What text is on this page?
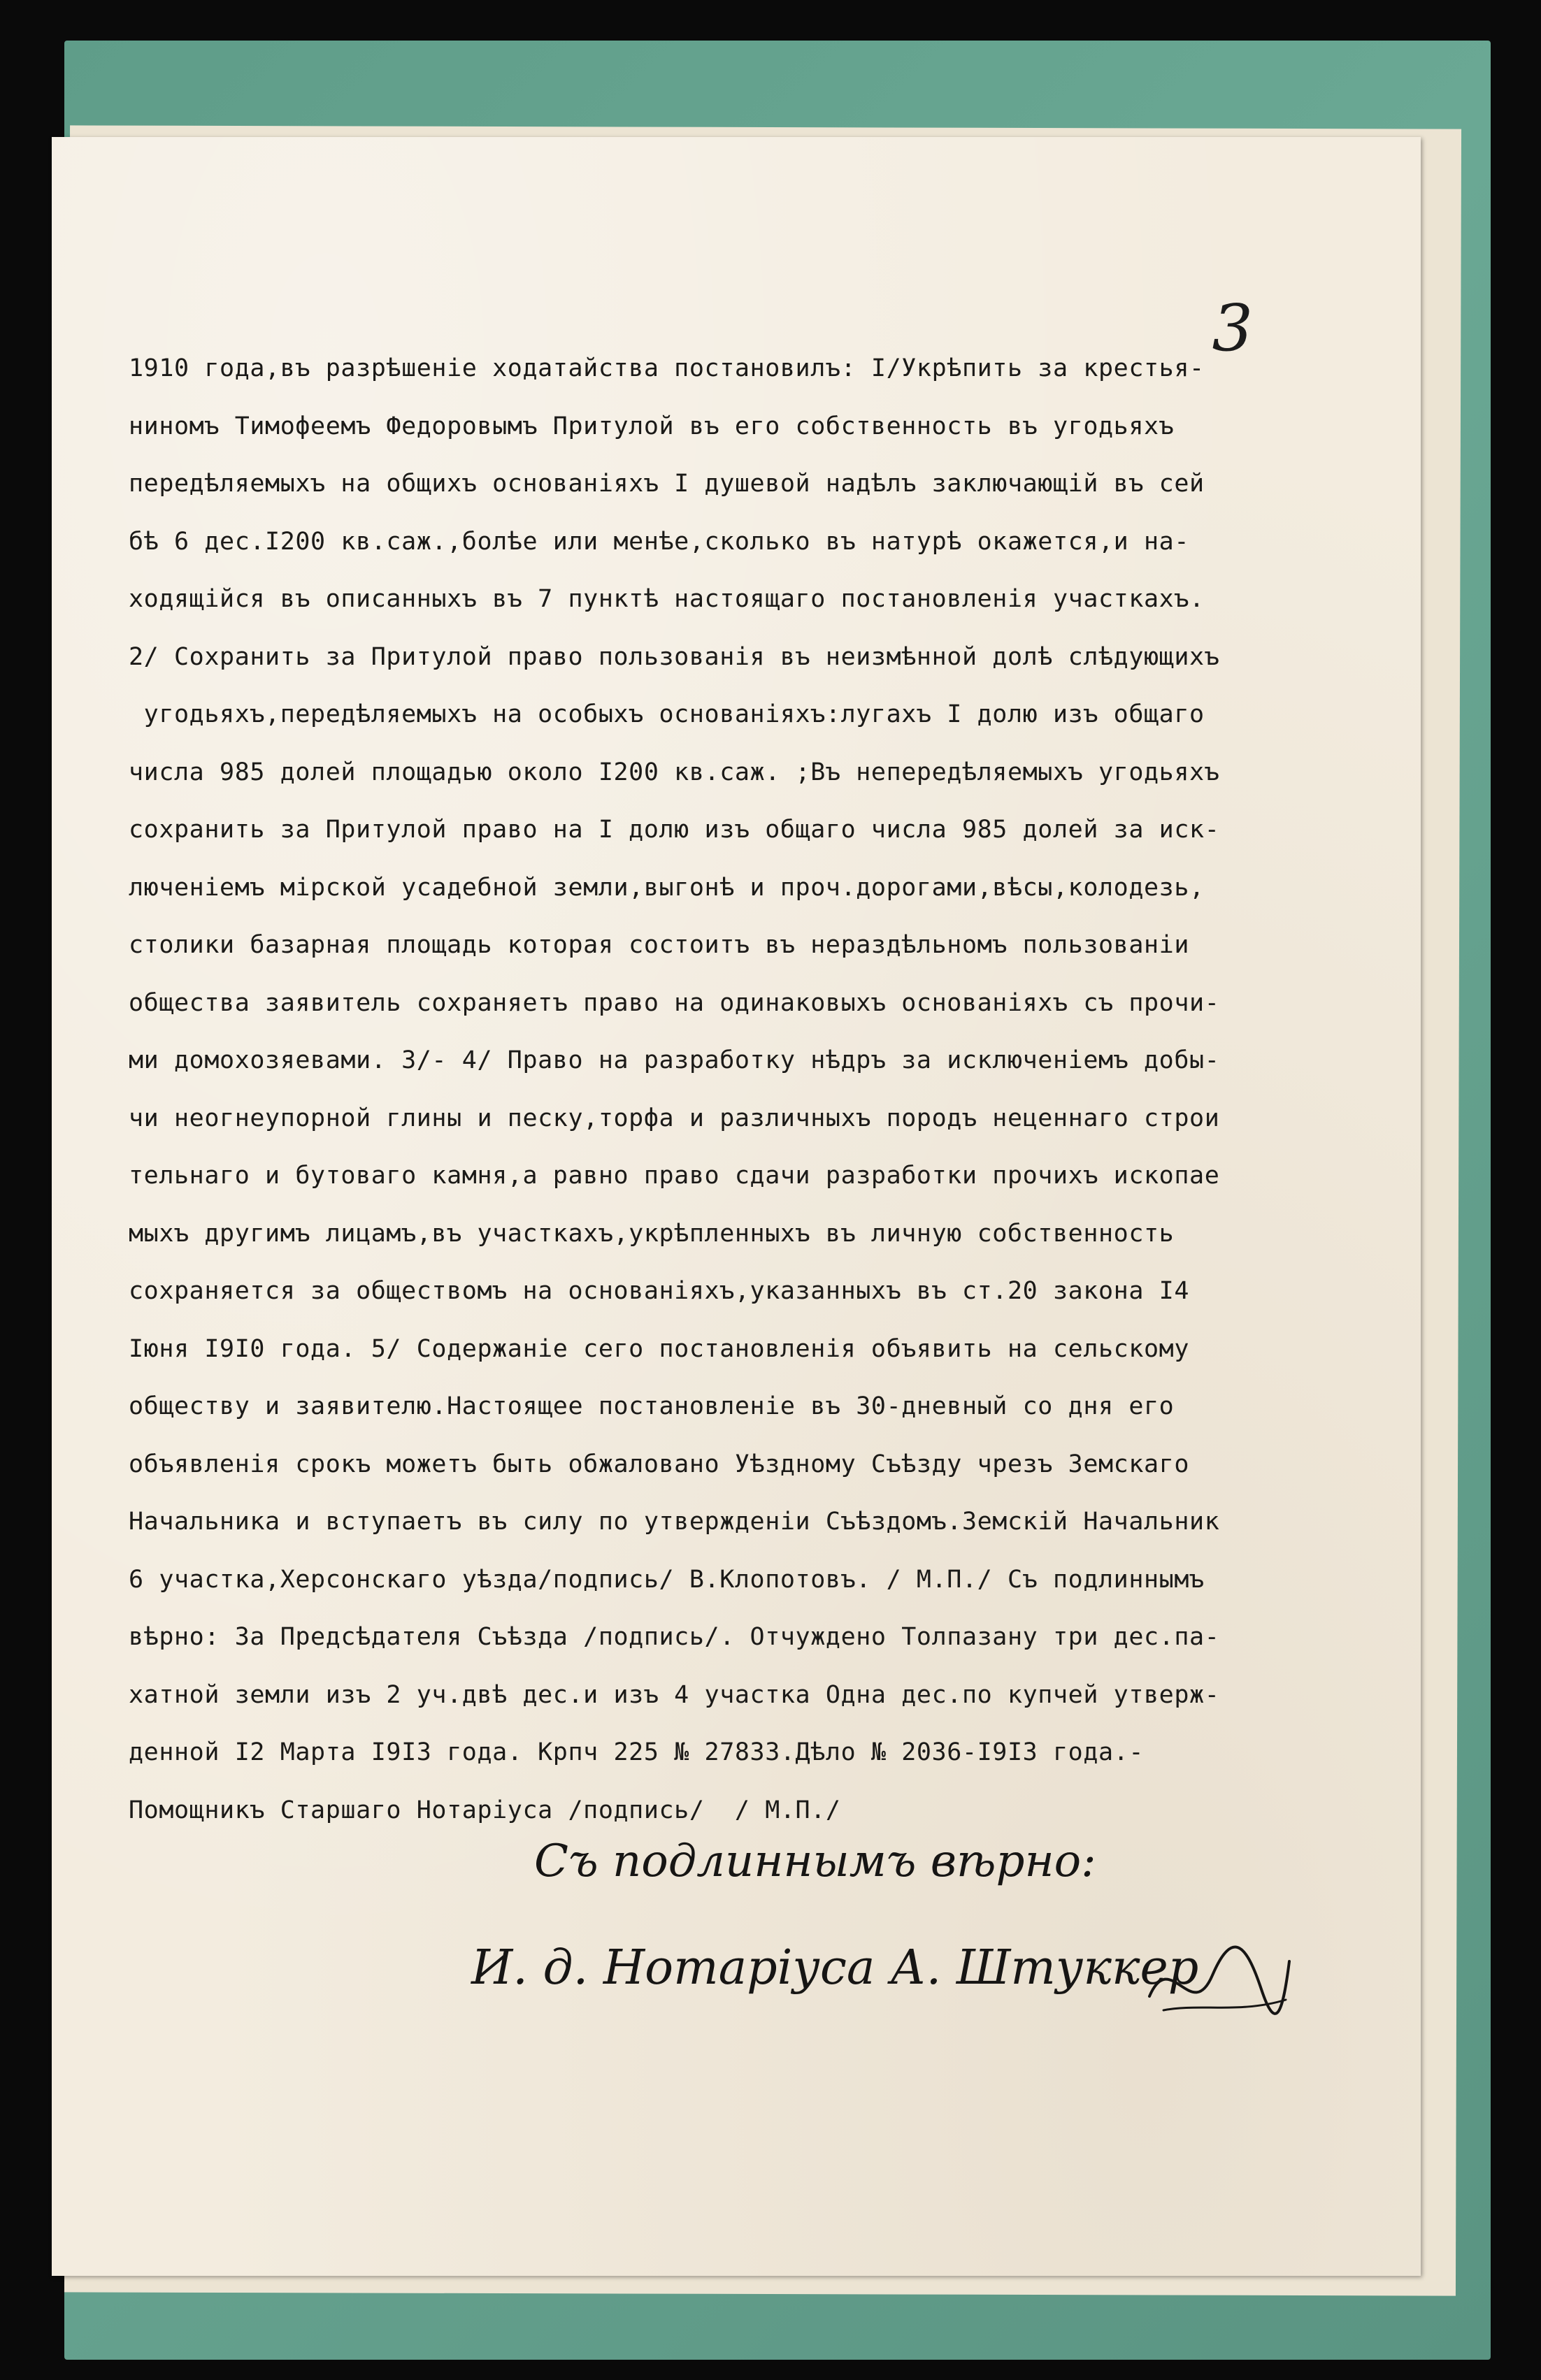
3
1910 года,въ разрѣшеніе ходатайства постановилъ: I/Укрѣпить за крестья-
ниномъ Тимофеемъ Федоровымъ Притулой въ его собственность въ угодьяхъ
передѣляемыхъ на общихъ основаніяхъ I душевой надѣлъ заключающій въ сей
бѣ 6 дес.I200 кв.саж.,болѣе или менѣе,сколько въ натурѣ окажется,и на-
ходящійся въ описанныхъ въ 7 пунктѣ настоящаго постановленія участкахъ.
2/ Сохранить за Притулой право пользованія въ неизмѣнной долѣ слѣдующихъ
угодьяхъ,передѣляемыхъ на особыхъ основаніяхъ:лугахъ I долю изъ общаго
числа 985 долей площадью около I200 кв.саж. ;Въ непередѣляемыхъ угодьяхъ
сохранить за Притулой право на I долю изъ общаго числа 985 долей за иск-
люченіемъ мірской усадебной земли,выгонѣ и проч.дорогами,вѣсы,колодезь,
столики базарная площадь которая состоитъ въ нераздѣльномъ пользованіи
общества заявитель сохраняетъ право на одинаковыхъ основаніяхъ съ прочи-
ми домохозяевами. 3/- 4/ Право на разработку нѣдръ за исключеніемъ добы-
чи неогнеупорной глины и песку,торфа и различныхъ породъ неценнаго строи
тельнаго и бутоваго камня,а равно право сдачи разработки прочихъ ископае
мыхъ другимъ лицамъ,въ участкахъ,укрѣпленныхъ въ личную собственность
сохраняется за обществомъ на основаніяхъ,указанныхъ въ ст.20 закона I4
Іюня I9I0 года. 5/ Содержаніе сего постановленія объявить на сельскому
обществу и заявителю.Настоящее постановленіе въ 30-дневный со дня его
объявленія срокъ можетъ быть обжаловано Уѣздному Съѣзду чрезъ Земскаго
Начальника и вступаетъ въ силу по утвержденіи Съѣздомъ.Земскій Начальник
6 участка,Херсонскаго уѣзда/подпись/ В.Клопотовъ. / М.П./ Съ подлиннымъ
вѣрно: За Предсѣдателя Съѣзда /подпись/. Отчуждено Толпазану три дес.па-
хатной земли изъ 2 уч.двѣ дес.и изъ 4 участка Одна дес.по купчей утверж-
денной I2 Марта I9I3 года. Крпч 225 № 27833.Дѣло № 2036-I9I3 года.-
Помощникъ Старшаго Нотаріуса /подпись/  / М.П./
Съ подлиннымъ вѣрно:
И. д. Нотаріуса А. Штуккер
